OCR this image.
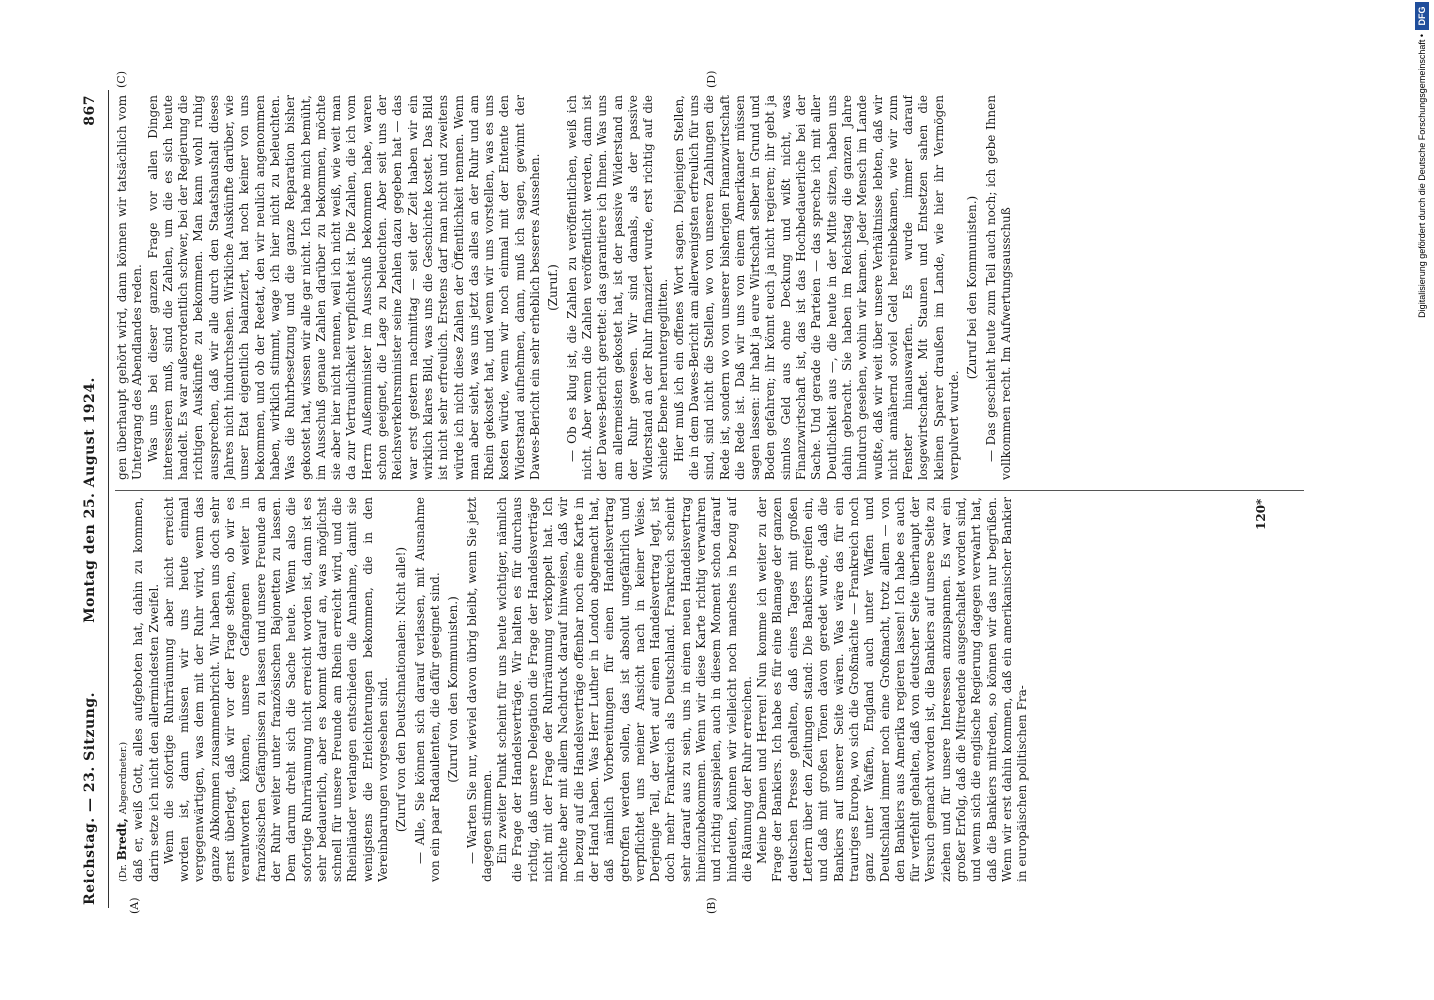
Reichstag. — 23. Sitzung.
Montag den 25. August 1924.
867
(A)	(B)
(C)	(D)

(Dr. Bredt, Abgeordneter.) daß er, weiß Gott, alles aufgeboten hat, dahin zu kommen, darin setze ich nicht den allermindesten Zweifel. Wenn die sofortige Ruhrräumung aber nicht erreicht worden ist, dann müssen wir uns heute einmal vergegenwärtigen, was dem mit der Ruhr wird, wenn das ganze Abkommen zusammenbricht. Wir haben uns doch sehr ernst überlegt, daß wir vor der Frage stehen, ob wir es verantworten können, unsere Gefangenen weiter in französischen Gefängnissen zu lassen und unsere Freunde an der Ruhr weiter unter französischen Bajonetten zu lassen. Dem darum dreht sich die Sache heute. Wenn also die sofortige Ruhrräumung nicht erreicht worden ist, dann ist es sehr bedauerlich, aber es kommt darauf an, was möglichst schnell für unsere Freunde am Rhein erreicht wird, und die Rheinländer verlangen entschieden die Annahme, damit sie wenigstens die Erleichterungen bekommen, die in den Vereinbarungen vorgesehen sind. (Zuruf von den Deutschnationalen: Nicht alle!) — Alle, Sie können sich darauf verlassen, mit Ausnahme von ein paar Radaulenten, die dafür geeignet sind. (Zuruf von den Kommunisten.) — Warten Sie nur, wieviel davon übrig bleibt, wenn Sie jetzt dagegen stimmen. Ein zweiter Punkt scheint für uns heute wichtiger, nämlich die Frage der Handelsverträge. Wir halten es für durchaus richtig, daß unsere Delegation die Frage der Handelsverträge nicht mit der Frage der Ruhrräumung verkoppelt hat. Ich möchte aber mit allem Nachdruck darauf hinweisen, daß wir in bezug auf die Handelsverträge offenbar noch eine Karte in der Hand haben. Was Herr Luther in London abgemacht hat, daß nämlich Vorbereitungen für einen Handelsvertrag getroffen werden sollen, das ist absolut ungefährlich und verpflichtet uns meiner Ansicht nach in keiner Weise. Derjenige Teil, der Wert auf einen Handelsvertrag legt, ist doch mehr Frankreich als Deutschland. Frankreich scheint sehr darauf aus zu sein, uns in einen neuen Handelsvertrag hineinzubekommen. Wenn wir diese Karte richtig verwahren und richtig ausspielen, auch in diesem Moment schon darauf hindeuten, können wir vielleicht noch manches in bezug auf die Räumung der Ruhr erreichen. Meine Damen und Herren! Nun komme ich weiter zu der Frage der Bankiers. Ich habe es für eine Blamage der ganzen deutschen Presse gehalten, daß eines Tages mit großen Lettern über den Zeitungen stand: Die Bankiers greifen ein, und daß mit großen Tönen davon geredet wurde, daß die Bankiers auf unserer Seite wären. Was wäre das für ein trauriges Europa, wo sich die Großmächte — Frankreich noch ganz unter Waffen, England auch unter Waffen und Deutschland immer noch eine Großmacht, trotz allem — von den Bankiers aus Amerika regieren lassen! Ich habe es auch für verfehlt gehalten, daß von deutscher Seite überhaupt der Versuch gemacht worden ist, die Bankiers auf unsere Seite zu ziehen und für unsere Interessen anzuspannen. Es war ein großer Erfolg, daß die Mitredende ausgeschaltet worden sind, und wenn sich die englische Regierung dagegen verwahrt hat, daß die Bankiers mitreden, so können wir das nur begrüßen. Wenn wir erst dahin kommen, daß ein amerikanischer Bankier in europäischen politischen Fra-

gen überhaupt gehört wird, dann können wir tatsächlich vom Untergang des Abendlandes reden. Was uns bei dieser ganzen Frage vor allen Dingen interessieren muß, sind die Zahlen, um die es sich heute handelt. Es war außerordentlich schwer, bei der Regierung die richtigen Auskünfte zu bekommen. Man kann wohl ruhig aussprechen, daß wir alle durch den Staatshaushalt dieses Jahres nicht hindurchsehen. Wirkliche Auskünfte darüber, wie unser Etat eigentlich balanziert, hat noch keiner von uns bekommen, und ob der Reetat, den wir neulich angenommen haben, wirklich stimmt, wage ich hier nicht zu beleuchten. Was die Ruhrbesetzung und die ganze Reparation bisher gekostet hat, wissen wir alle gar nicht. Ich habe mich bemüht, im Ausschuß genaue Zahlen darüber zu bekommen, möchte sie aber hier nicht nennen, weil ich nicht weiß, wie weit man da zur Vertraulichkeit verpflichtet ist. Die Zahlen, die ich vom Herrn Außenminister im Ausschuß bekommen habe, waren schon geeignet, die Lage zu beleuchten. Aber seit uns der Reichsverkehrsminister seine Zahlen dazu gegeben hat — das war erst gestern nachmittag — seit der Zeit haben wir ein wirklich klares Bild, was uns die Geschichte kostet. Das Bild ist nicht sehr erfreulich. Erstens darf man nicht und zweitens würde ich nicht diese Zahlen der Öffentlichkeit nennen. Wenn man aber sieht, was uns jetzt das alles an der Ruhr und am Rhein gekostet hat, und wenn wir uns vorstellen, was es uns kosten würde, wenn wir noch einmal mit der Entente den Widerstand aufnehmen, dann, muß ich sagen, gewinnt der Dawes-Bericht ein sehr erheblich besseres Aussehen. (Zuruf.) — Ob es klug ist, die Zahlen zu veröffentlichen, weiß ich nicht. Aber wenn die Zahlen veröffentlicht werden, dann ist der Dawes-Bericht gerettet: das garantiere ich Ihnen. Was uns am allermeisten gekostet hat, ist der passive Widerstand an der Ruhr gewesen. Wir sind damals, als der passive Widerstand an der Ruhr finanziert wurde, erst richtig auf die schiefe Ebene heruntergeglitten. Hier muß ich ein offenes Wort sagen. Diejenigen Stellen, die in dem Dawes-Bericht am allerwenigsten erfreulich für uns sind, sind nicht die Stellen, wo von unseren Zahlungen die Rede ist, sondern wo von unserer bisherigen Finanzwirtschaft die Rede ist. Daß wir uns von einem Amerikaner müssen sagen lassen: ihr habt ja eure Wirtschaft selber in Grund und Boden gefahren; ihr könnt euch ja nicht regieren; ihr gebt ja sinnlos Geld aus ohne Deckung und wißt nicht, was Finanzwirtschaft ist, das ist das Hochbedauerliche bei der Sache. Und gerade die Parteien — das spreche ich mit aller Deutlichkeit aus —, die heute in der Mitte sitzen, haben uns dahin gebracht. Sie haben im Reichstag die ganzen Jahre hindurch gesehen, wohin wir kamen. Jeder Mensch im Lande wußte, daß wir weit über unsere Verhältnisse lebten, daß wir nicht annähernd soviel Geld hereinbekamen, wie wir zum Fenster hinauswarfen. Es wurde immer darauf losgewirtschaftet. Mit Staunen und Entsetzen sahen die kleinen Sparer draußen im Lande, wie hier ihr Vermögen verpulvert wurde.

(Zuruf bei den Kommunisten.) — Das geschieht heute zum Teil auch noch; ich gebe Ihnen vollkommen recht. Im Aufwertungsausschuß

120*
Digitalisierung gefördert durch die Deutsche Forschungsgemeinschaft •
DFG
